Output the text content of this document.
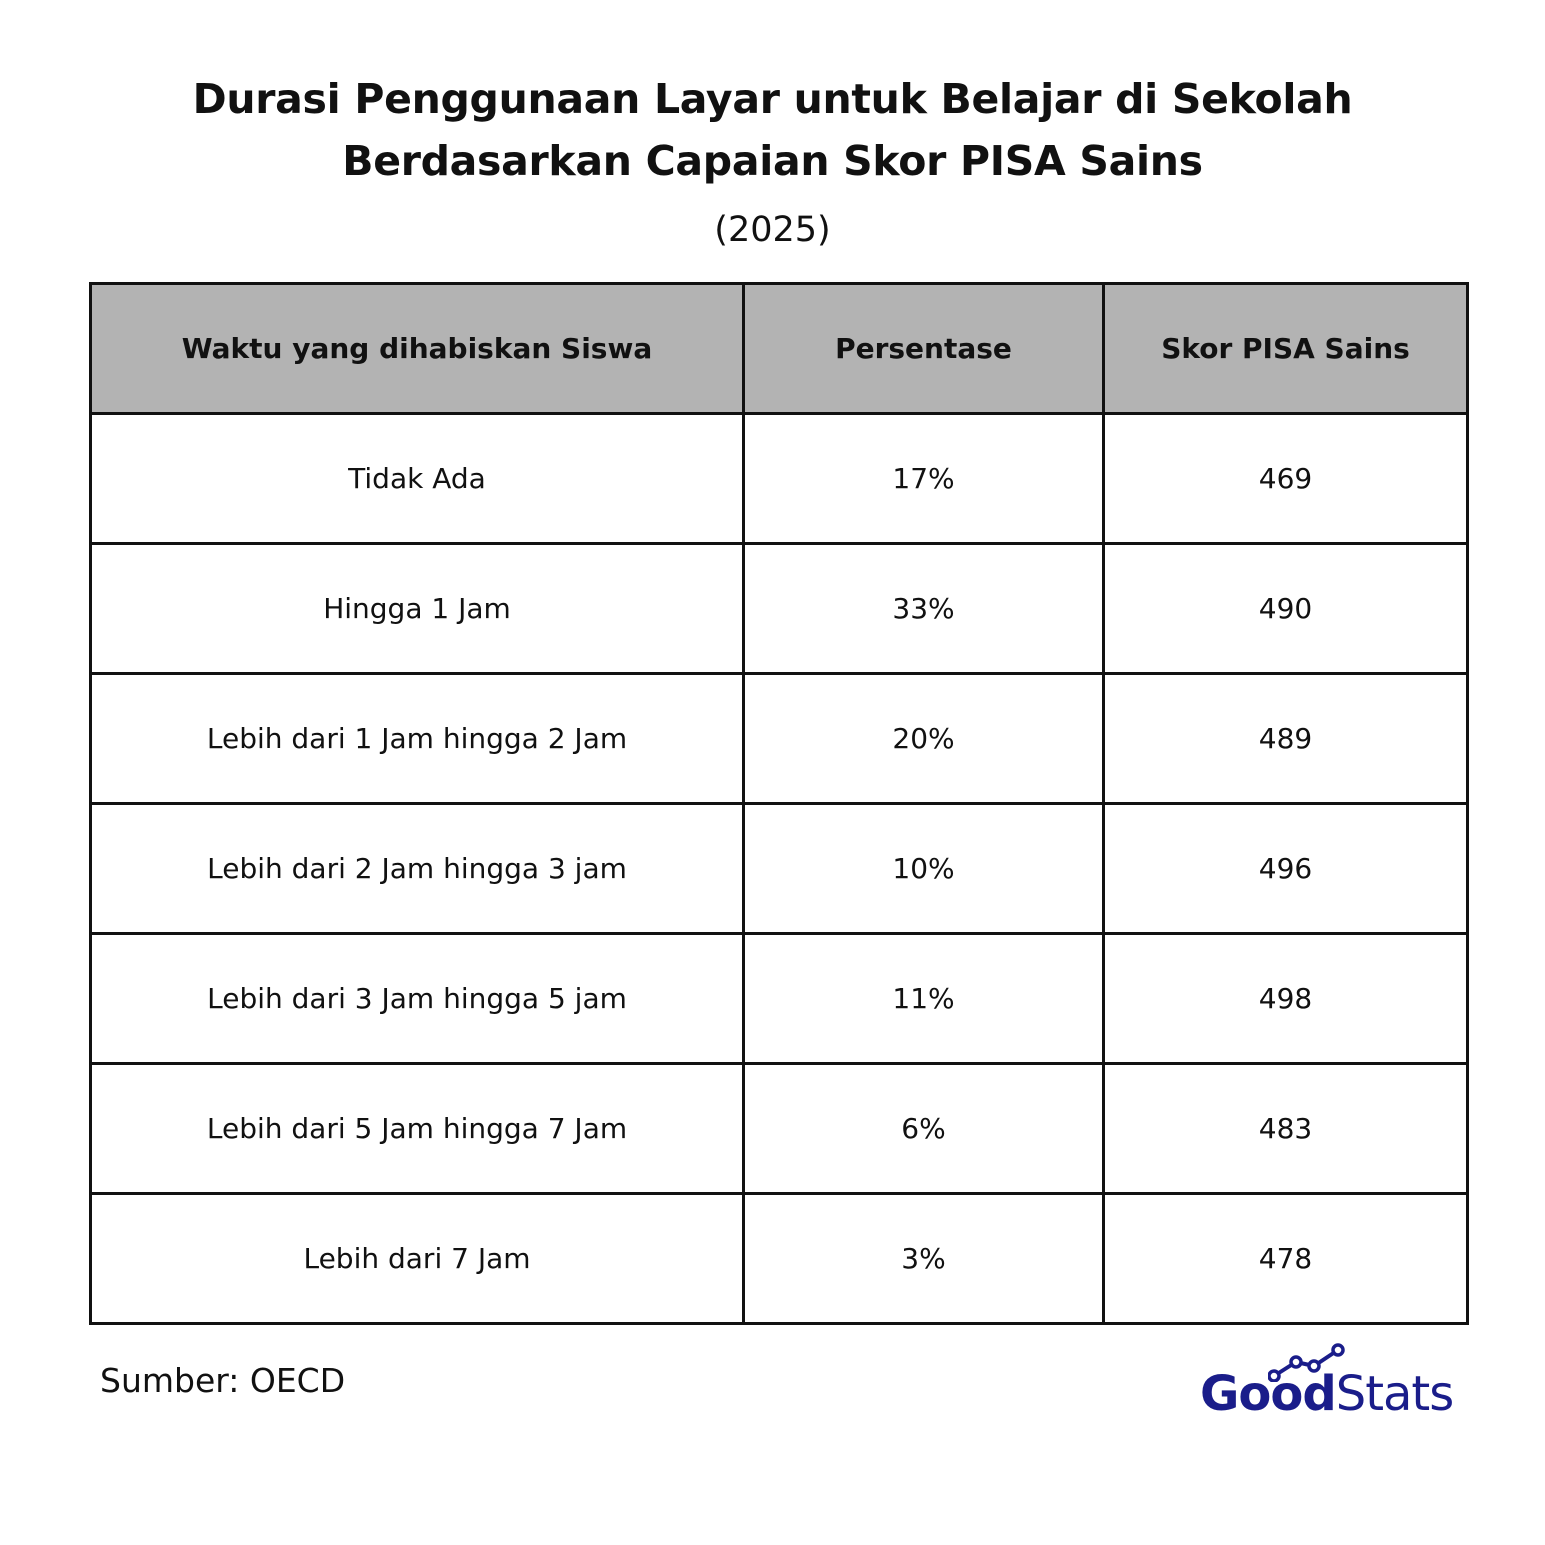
Durasi Penggunaan Layar untuk Belajar di Sekolah
Berdasarkan Capaian Skor PISA Sains
(2025)
Waktu yang dihabiskan Siswa	Persentase	Skor PISA Sains
Tidak Ada	17%	469
Hingga 1 Jam	33%	490
Lebih dari 1 Jam hingga 2 Jam	20%	489
Lebih dari 2 Jam hingga 3 jam	10%	496
Lebih dari 3 Jam hingga 5 jam	11%	498
Lebih dari 5 Jam hingga 7 Jam	6%	483
Lebih dari 7 Jam	3%	478
Sumber: OECD	GoodStats
